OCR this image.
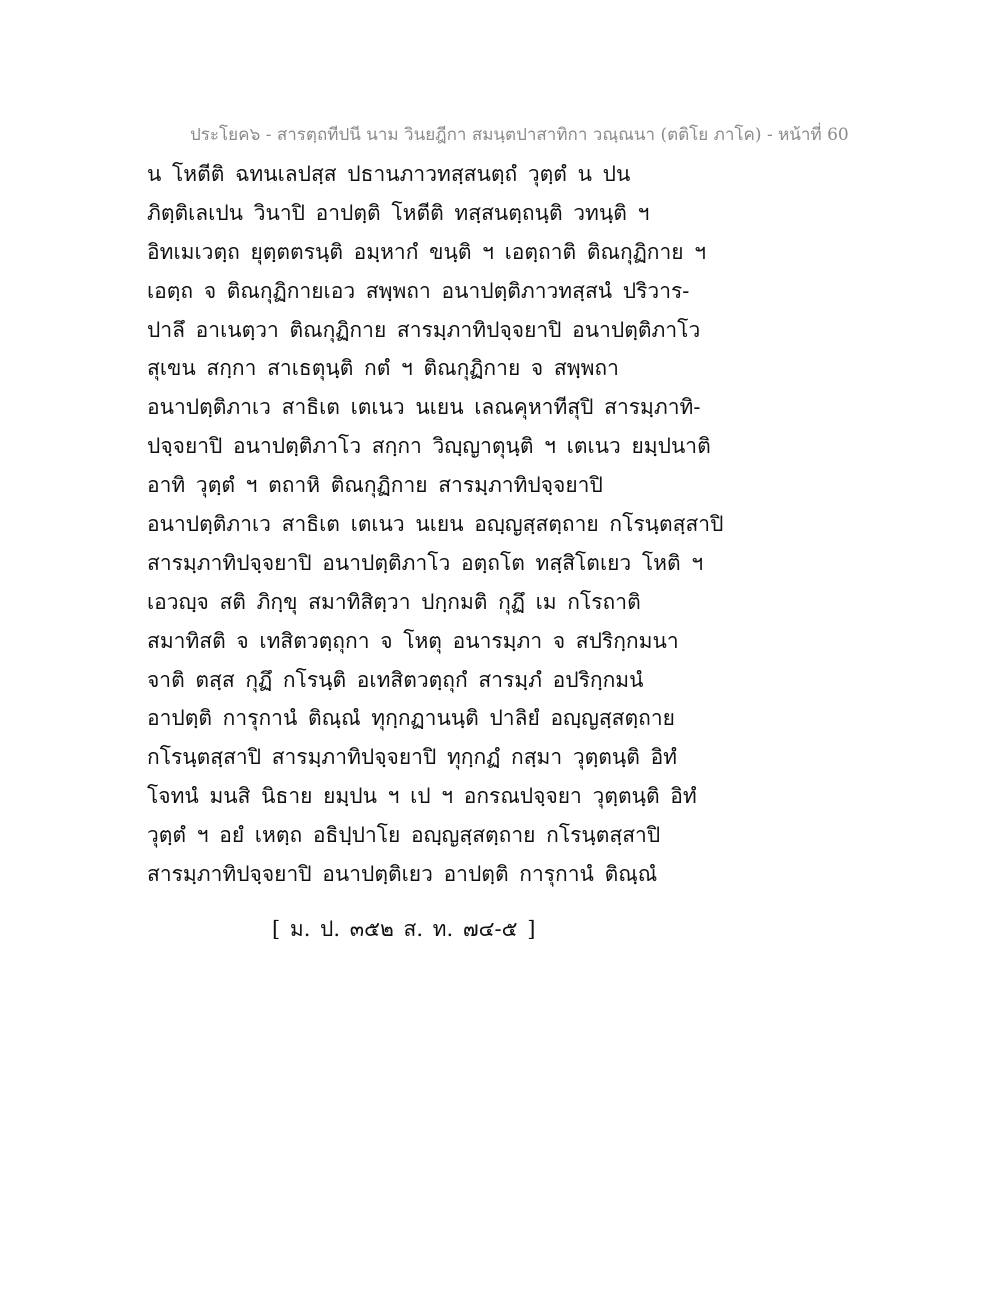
ประโยค๖ - สารตฺถทีปนี นาม วินยฎีกา สมนฺตปาสาทิกา วณฺณนา (ตติโย ภาโค) - หน้าที่ 60
น โหตีติ ฉทนเลปสฺส ปธานภาวทสฺสนตฺถํ วุตฺตํ น ปน
ภิตฺติเลเปน วินาปิ อาปตฺติ โหตีติ ทสฺสนตฺถนฺติ วทนฺติ ฯ
อิทเมเวตฺถ ยุตฺตตรนฺติ อมฺหากํ ขนฺติ ฯ เอตฺถาติ ติณกุฏิกาย ฯ
เอตฺถ จ ติณกุฏิกายเอว สพฺพถา อนาปตฺติภาวทสฺสนํ ปริวาร-
ปาลึ อาเนตฺวา ติณกุฏิกาย สารมฺภาทิปจฺจยาปิ อนาปตฺติภาโว
สุเขน สกฺกา สาเธตุนฺติ กตํ ฯ ติณกุฏิกาย จ สพฺพถา
อนาปตฺติภาเว สาธิเต เตเนว นเยน เลณคุหาทีสุปิ สารมฺภาทิ-
ปจฺจยาปิ อนาปตฺติภาโว สกฺกา วิญฺญาตุนฺติ ฯ เตเนว ยมฺปนาติ
อาทิ วุตฺตํ ฯ ตถาหิ ติณกุฏิกาย สารมฺภาทิปจฺจยาปิ
อนาปตฺติภาเว สาธิเต เตเนว นเยน อญฺญสฺสตฺถาย กโรนฺตสฺสาปิ
สารมฺภาทิปจฺจยาปิ อนาปตฺติภาโว อตฺถโต ทสฺสิโตเยว โหติ ฯ
เอวญฺจ สติ ภิกฺขุ สมาทิสิตฺวา ปกฺกมติ กุฏึ เม กโรถาติ
สมาทิสติ จ เทสิตวตฺถุกา จ โหตุ อนารมฺภา จ สปริกฺกมนา
จาติ ตสฺส กุฏึ กโรนฺติ อเทสิตวตฺถุกํ สารมฺภํ อปริกฺกมนํ
อาปตฺติ การุกานํ ติณฺณํ ทุกฺกฏานนฺติ ปาลิยํ อญฺญสฺสตฺถาย
กโรนฺตสฺสาปิ สารมฺภาทิปจฺจยาปิ ทุกฺกฏํ กสฺมา วุตฺตนฺติ อิทํ
โจทนํ มนสิ นิธาย ยมฺปน ฯ เป ฯ อกรณปจฺจยา วุตฺตนฺติ อิทํ
วุตฺตํ ฯ อยํ เหตฺถ อธิปฺปาโย อญฺญสฺสตฺถาย กโรนฺตสฺสาปิ
สารมฺภาทิปจฺจยาปิ อนาปตฺติเยว อาปตฺติ การุกานํ ติณฺณํ
[ ม. ป. ๓๕๒ ส. ท. ๗๔-๕ ]
